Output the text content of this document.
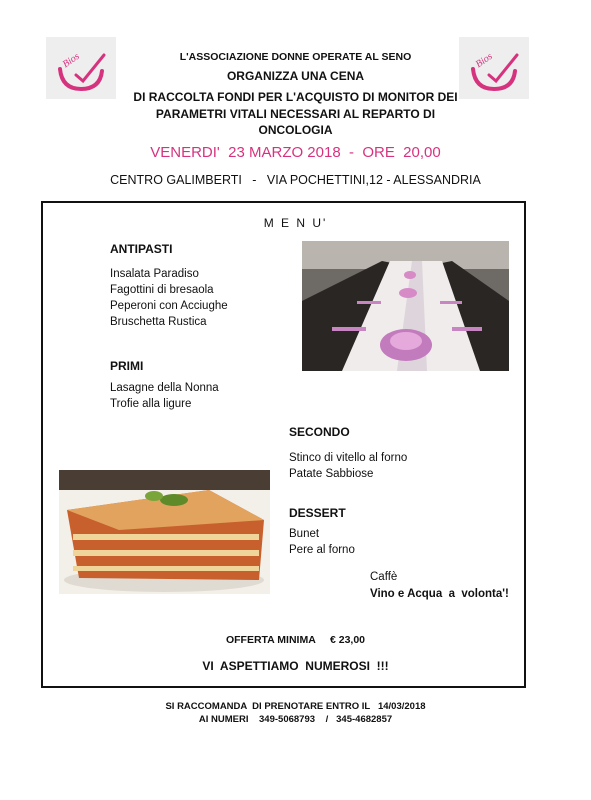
Bios	Bios
L'ASSOCIAZIONE DONNE OPERATE AL SENO
ORGANIZZA UNA CENA
DI RACCOLTA FONDI PER L'ACQUISTO DI MONITOR DEI
PARAMETRI VITALI NECESSARI AL REPARTO DI
ONCOLOGIA
VENERDI'  23 MARZO 2018  -  ORE  20,00
CENTRO GALIMBERTI   -   VIA POCHETTINI,12 - ALESSANDRIA
M E N U'
ANTIPASTI
Insalata Paradiso
Fagottini di bresaola
Peperoni con Acciughe
Bruschetta Rustica
PRIMI
Lasagne della Nonna
Trofie alla ligure
SECONDO
Stinco di vitello al forno
Patate Sabbiose
DESSERT
Bunet
Pere al forno
Caffè
Vino e Acqua  a  volonta'!
OFFERTA MINIMA     € 23,00
VI  ASPETTIAMO  NUMEROSI  !!!
SI RACCOMANDA  DI PRENOTARE ENTRO IL   14/03/2018
AI NUMERI    349-5068793    /   345-4682857
